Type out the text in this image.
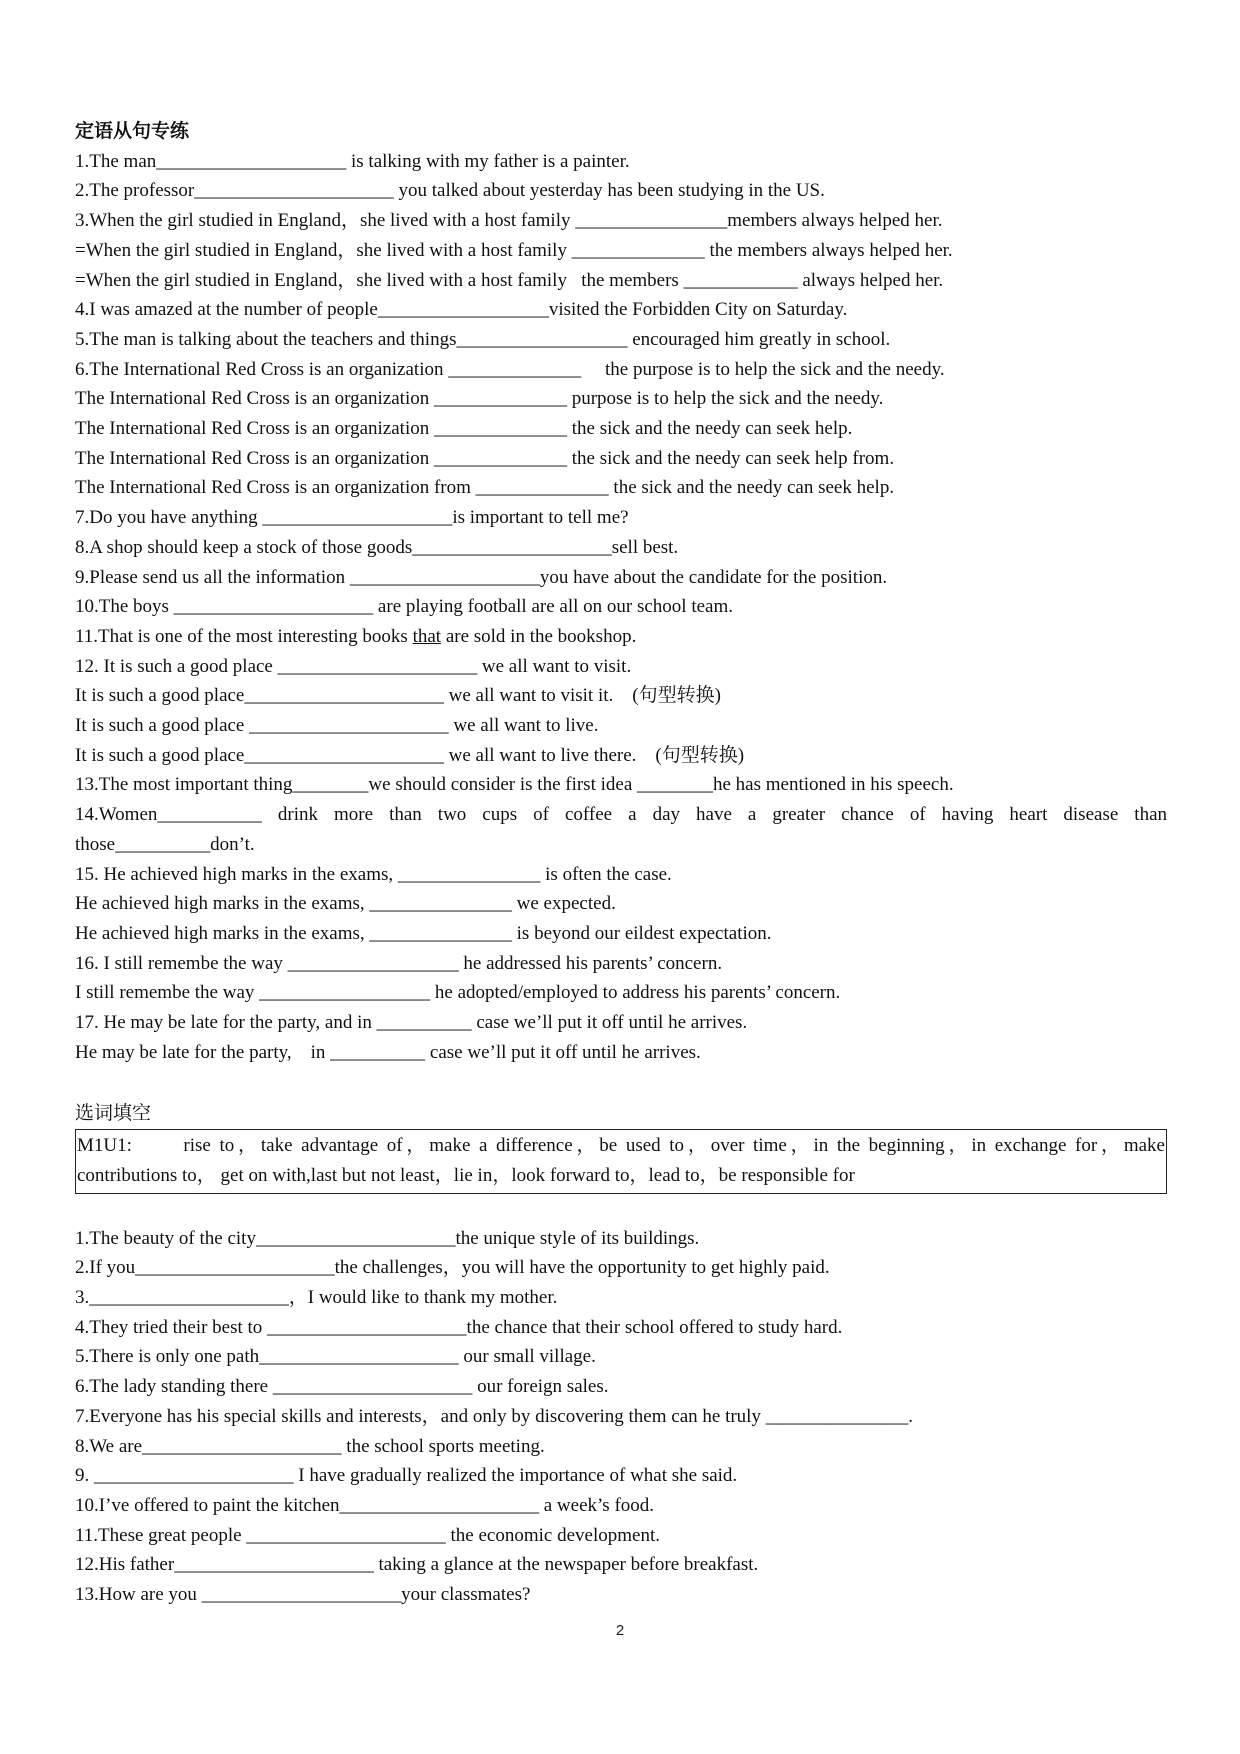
定语从句专练
1.The man____________________ is talking with my father is a painter.
2.The professor_____________________ you talked about yesterday has been studying in the US.
3.When the girl studied in England，she lived with a host family ________________members always helped her.
=When the girl studied in England，she lived with a host family ______________ the members always helped her.
=When the girl studied in England，she lived with a host family   the members ____________ always helped her.
4.I was amazed at the number of people__________________visited the Forbidden City on Saturday.
5.The man is talking about the teachers and things__________________ encouraged him greatly in school.
6.The International Red Cross is an organization ______________     the purpose is to help the sick and the needy.
The International Red Cross is an organization ______________ purpose is to help the sick and the needy.
The International Red Cross is an organization ______________ the sick and the needy can seek help.
The International Red Cross is an organization ______________ the sick and the needy can seek help from.
The International Red Cross is an organization from ______________ the sick and the needy can seek help.
7.Do you have anything ____________________is important to tell me?
8.A shop should keep a stock of those goods_____________________sell best.
9.Please send us all the information ____________________you have about the candidate for the position.
10.The boys _____________________ are playing football are all on our school team.
11.That is one of the most interesting books that are sold in the bookshop.
12. It is such a good place _____________________ we all want to visit.
It is such a good place_____________________ we all want to visit it.    (句型转换)
It is such a good place _____________________ we all want to live.
It is such a good place_____________________ we all want to live there.    (句型转换)
13.The most important thing________we should consider is the first idea ________he has mentioned in his speech.
14.Women___________ drink more than two cups of coffee a day have a greater chance of having heart disease than
those__________don’t.
15. He achieved high marks in the exams, _______________ is often the case.
He achieved high marks in the exams, _______________ we expected.
He achieved high marks in the exams, _______________ is beyond our eildest expectation.
16. I still remembe the way __________________ he addressed his parents’ concern.
I still remembe the way __________________ he adopted/employed to address his parents’ concern.
17. He may be late for the party, and in __________ case we’ll put it off until he arrives.
He may be late for the party,    in __________ case we’ll put it off until he arrives.
选词填空
M1U1:      rise to，take advantage of，make a difference，be used to，over time，in the beginning，in exchange for，make
contributions to， get on with,last but not least，lie in，look forward to，lead to，be responsible for
1.The beauty of the city_____________________the unique style of its buildings.
2.If you_____________________the challenges，you will have the opportunity to get highly paid.
3._____________________，I would like to thank my mother.
4.They tried their best to _____________________the chance that their school offered to study hard.
5.There is only one path_____________________ our small village.
6.The lady standing there _____________________ our foreign sales.
7.Everyone has his special skills and interests，and only by discovering them can he truly _______________.
8.We are_____________________ the school sports meeting.
9. _____________________ I have gradually realized the importance of what she said.
10.I’ve offered to paint the kitchen_____________________ a week’s food.
11.These great people _____________________ the economic development.
12.His father_____________________ taking a glance at the newspaper before breakfast.
13.How are you _____________________your classmates?
2
